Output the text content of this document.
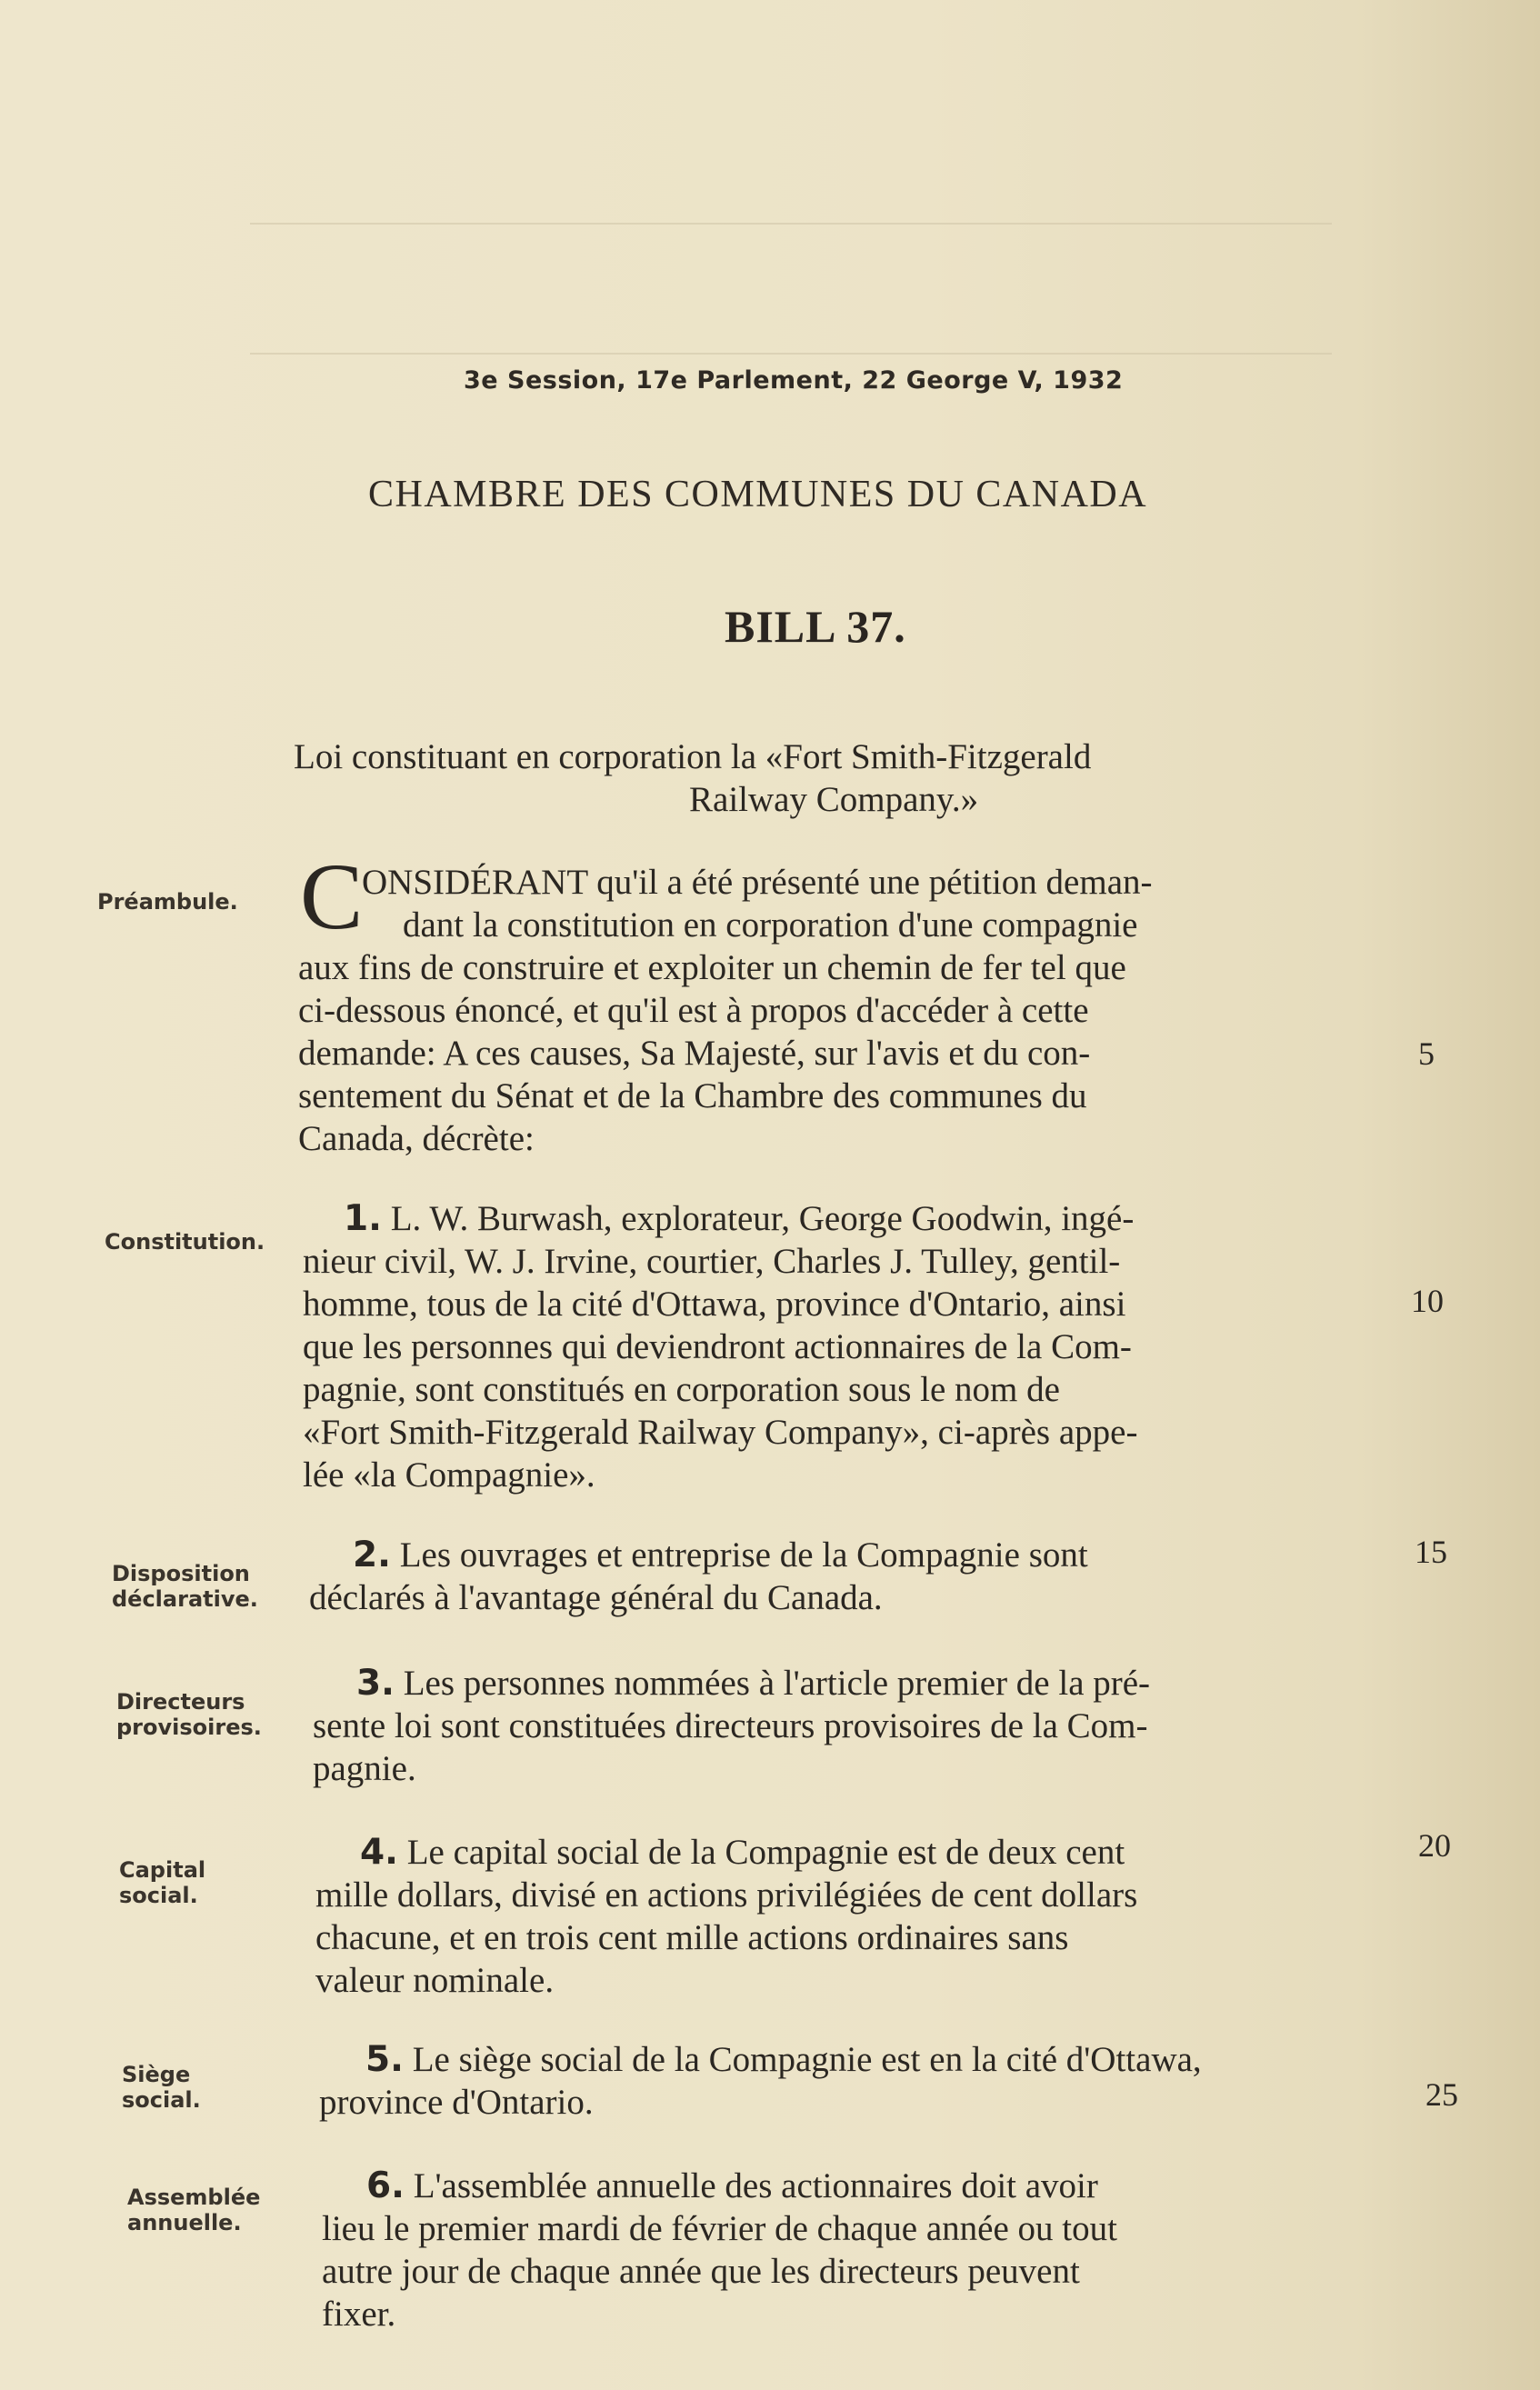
3e Session, 17e Parlement, 22 George V, 1932
CHAMBRE DES COMMUNES DU CANADA
BILL 37.
Loi constituant en corporation la «Fort Smith-Fitzgerald
Railway Company.»
Préambule. C
ONSIDÉRANT qu'il a été présenté une pétition deman-
dant la constitution en corporation d'une compagnie
aux fins de construire et exploiter un chemin de fer tel que
ci-dessous énoncé, et qu'il est à propos d'accéder à cette
demande: A ces causes, Sa Majesté, sur l'avis et du con-
sentement du Sénat et de la Chambre des communes du
Canada, décrète:
Constitution.
1. L. W. Burwash, explorateur, George Goodwin, ingé-
nieur civil, W. J. Irvine, courtier, Charles J. Tulley, gentil-
homme, tous de la cité d'Ottawa, province d'Ontario, ainsi
que les personnes qui deviendront actionnaires de la Com-
pagnie, sont constitués en corporation sous le nom de
«Fort Smith-Fitzgerald Railway Company», ci-après appe-
lée «la Compagnie».
Disposition
déclarative.
2. Les ouvrages et entreprise de la Compagnie sont
déclarés à l'avantage général du Canada.
Directeurs
provisoires.
3. Les personnes nommées à l'article premier de la pré-
sente loi sont constituées directeurs provisoires de la Com-
pagnie.
Capital
social.
4. Le capital social de la Compagnie est de deux cent
mille dollars, divisé en actions privilégiées de cent dollars
chacune, et en trois cent mille actions ordinaires sans
valeur nominale.
Siège
social.
5. Le siège social de la Compagnie est en la cité d'Ottawa,
province d'Ontario.
Assemblée
annuelle.
6. L'assemblée annuelle des actionnaires doit avoir
lieu le premier mardi de février de chaque année ou tout
autre jour de chaque année que les directeurs peuvent
fixer.
5
10
15
20
25
